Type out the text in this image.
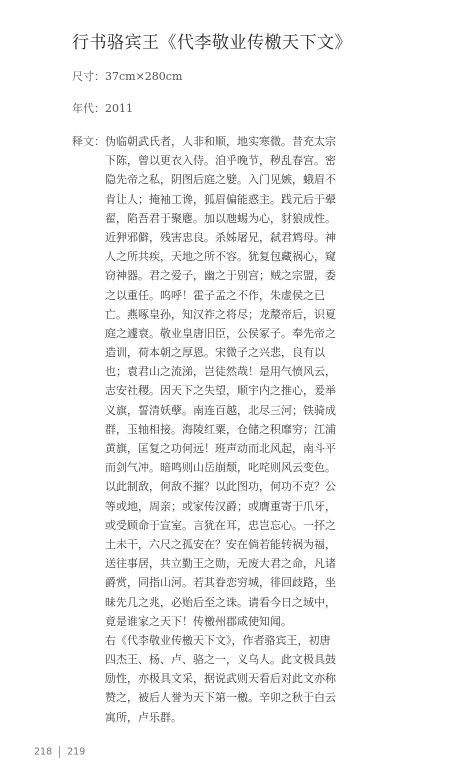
行书骆宾王《代李敬业传檄天下文》
尺寸：37cm×280cm
年代：2011
释文： 伪临朝武氏者，人非和顺，地实寒微。昔充太宗
下陈，曾以更衣入侍。洎乎晚节，秽乱春宫。密
隐先帝之私，阴图后庭之嬖。入门见嫉，蛾眉不
肯让人；掩袖工谗，狐眉偏能惑主。践元后于翚
翟，陷吾君于聚麀。加以虺蜴为心，豺狼成性。
近狎邪僻，残害忠良。杀姊屠兄，弑君鸩母。神
人之所共疾，天地之所不容。犹复包藏祸心，窥
窃神器。君之爱子，幽之于别宫；贼之宗盟，委
之以重任。呜呼！霍子孟之不作，朱虚侯之已
亡。燕啄皇孙，知汉祚之将尽；龙漦帝后，识夏
庭之遽衰。敬业皇唐旧臣，公侯冢子。奉先帝之
造训，荷本朝之厚恩。宋微子之兴悲，良有以
也；袁君山之流涕，岂徒然哉！是用气愤风云，
志安社稷。因天下之失望，顺宇内之推心，爰举
义旗，誓清妖孽。南连百越，北尽三河；铁骑成
群，玉轴相接。海陵红粟，仓储之积靡穷；江浦
黄旗，匡复之功何远！班声动而北风起，南斗平
而剑气冲。暗鸣则山岳崩颓，叱咤则风云变色。
以此制敌，何敌不摧？以此图功，何功不克？公
等或地，周亲；或家传汉爵；或膺重寄于爪牙，
或受顾命于宣室。言犹在耳，忠岂忘心。一抔之
土未干，六尺之孤安在？安在倘若能转祸为福，
送往事居，共立勤王之勋，无废大君之命，凡诸
爵赏，同指山河。若其眷恋穷城，徘回歧路，坐
昧先几之兆，必贻后至之诛。请看今日之域中，
竟是谁家之天下！传檄州郡咸使知闻。
右《代李敬业传檄天下文》，作者骆宾王，初唐
四杰王、杨、卢、骆之一，义乌人。此文极具鼓
励性，亦极具文采，据说武则天看后对此文亦称
赞之，被后人誉为天下第一檄。辛卯之秋于白云
寓所，卢乐群。
218 219
